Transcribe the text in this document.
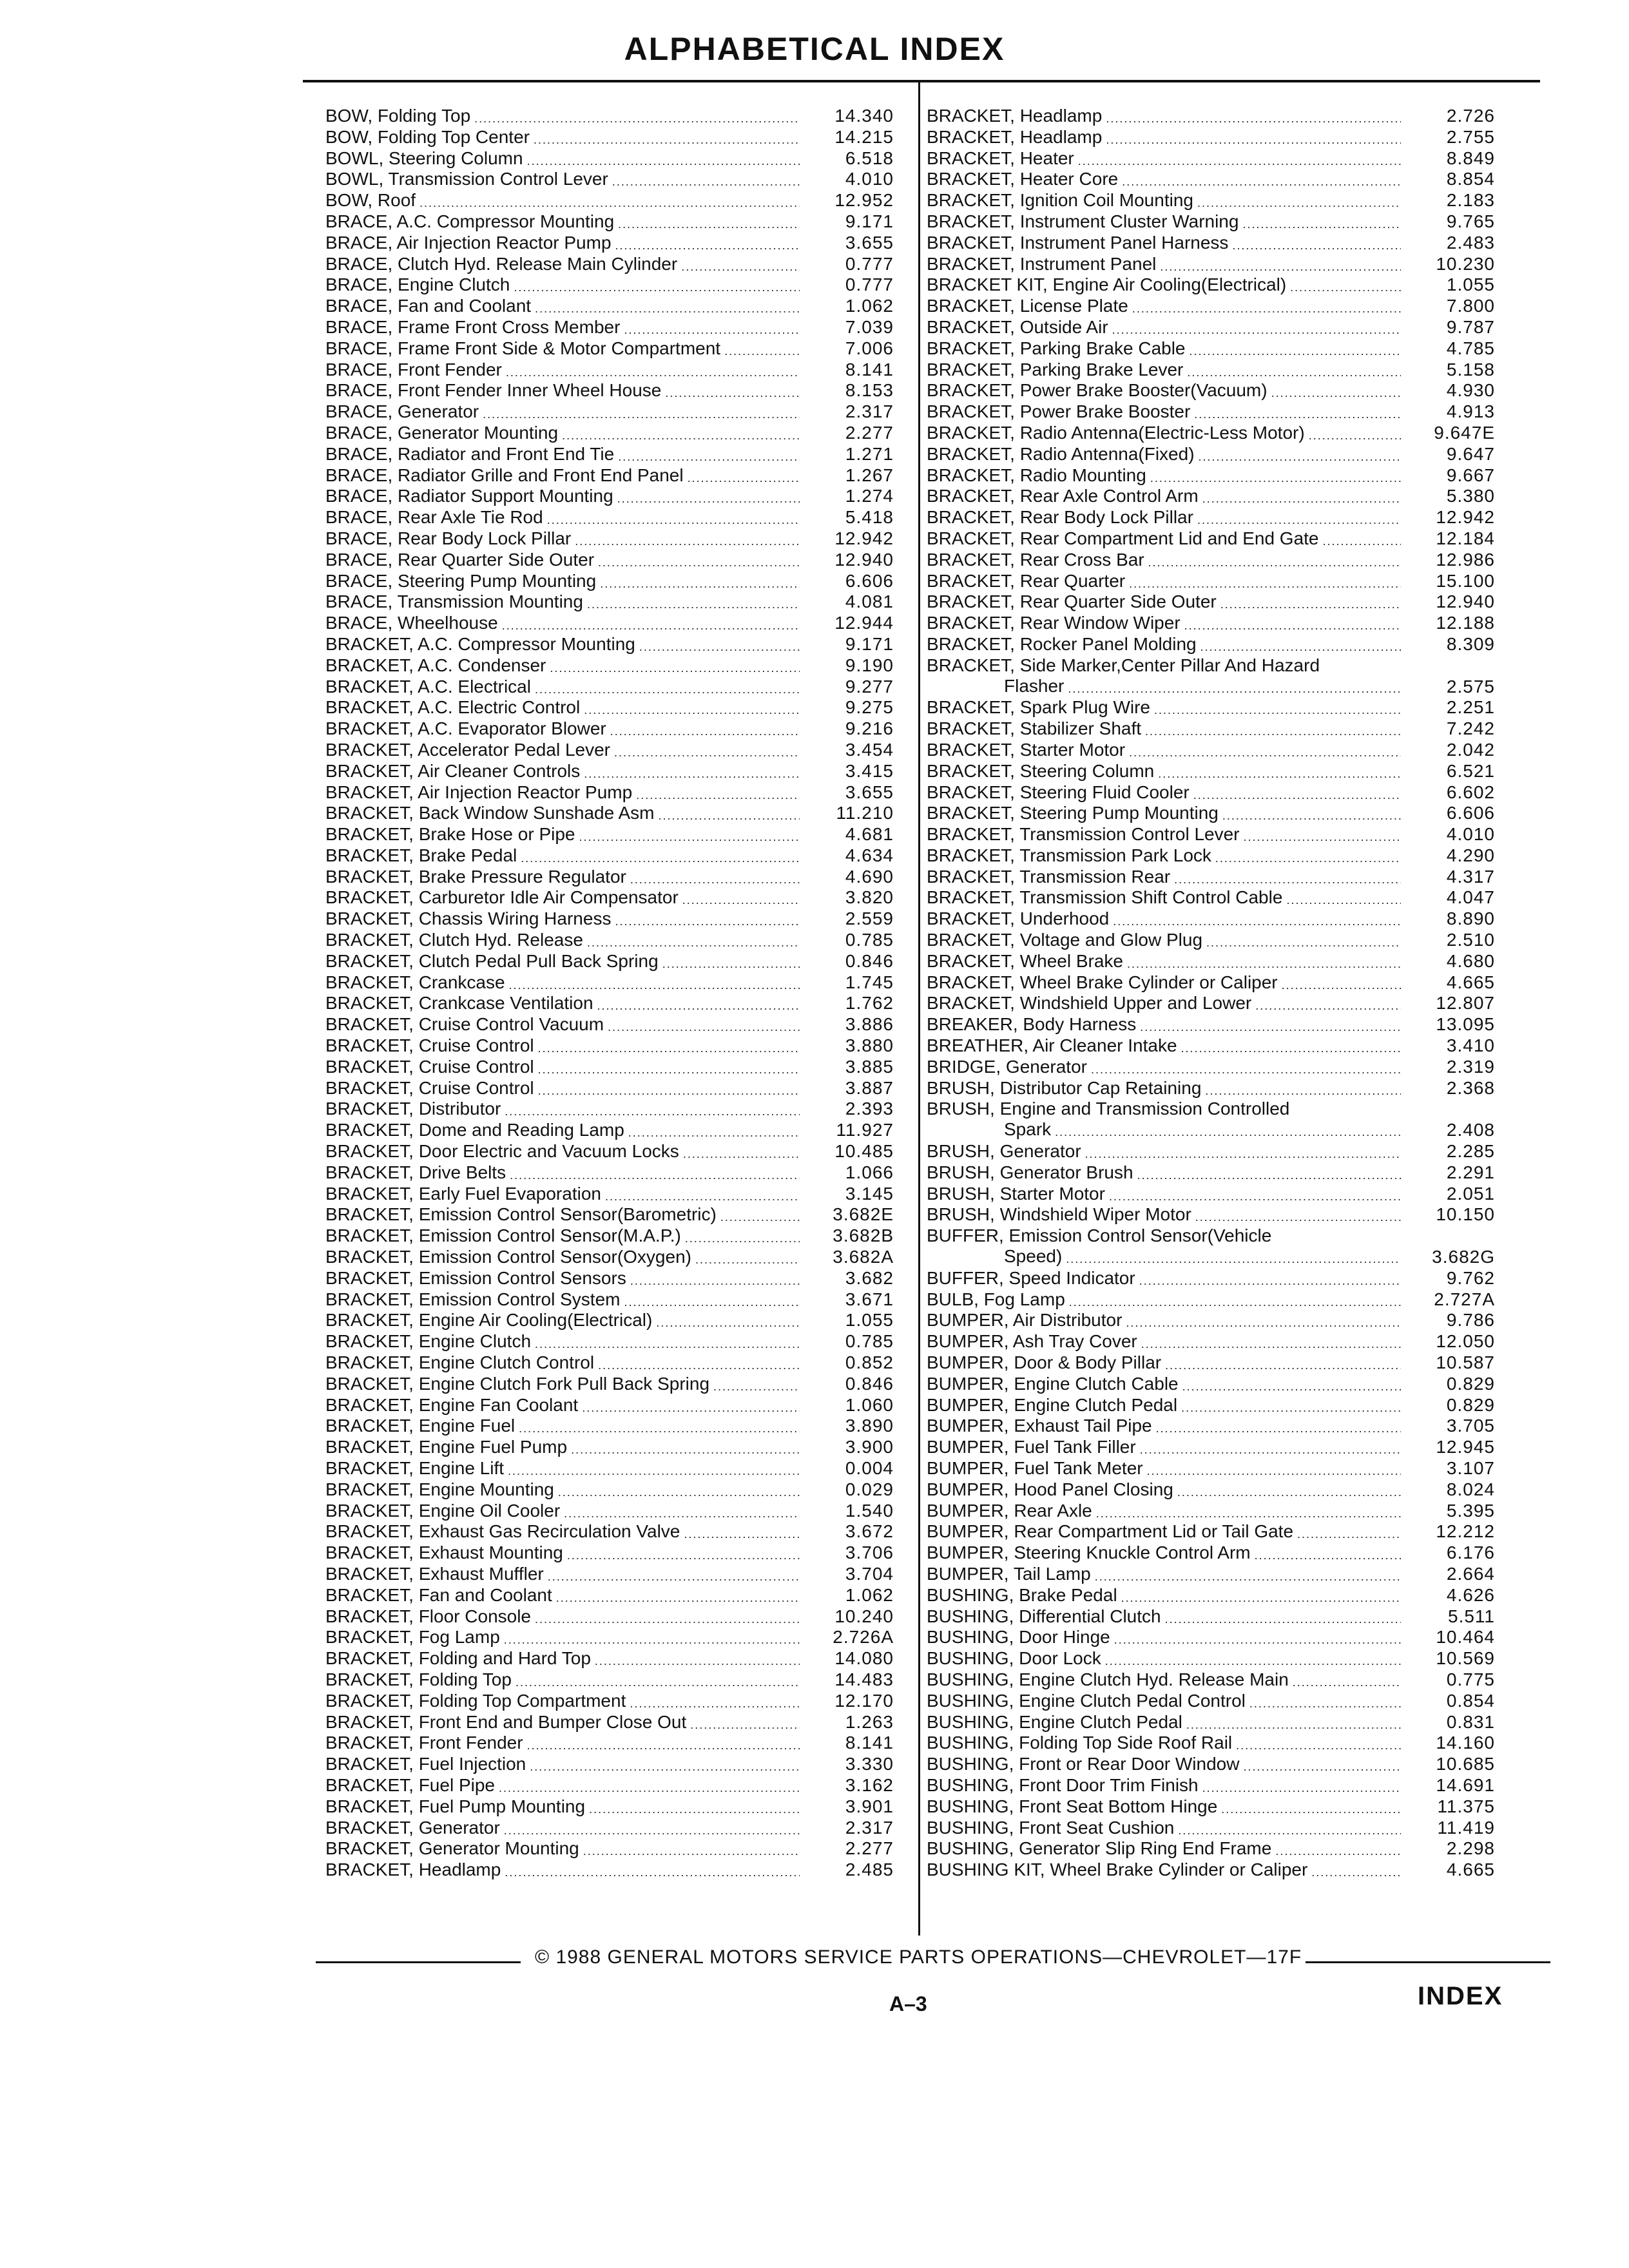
ALPHABETICAL INDEX
BOW, Folding Top .....	14.340
BOW, Folding Top Center .....	14.215
BOWL, Steering Column .....	6.518
BOWL, Transmission Control Lever .....	4.010
BOW, Roof .....	12.952
BRACE, A.C. Compressor Mounting .....	9.171
BRACE, Air Injection Reactor Pump .....	3.655
BRACE, Clutch Hyd. Release Main Cylinder .....	0.777
BRACE, Engine Clutch .....	0.777
BRACE, Fan and Coolant .....	1.062
BRACE, Frame Front Cross Member .....	7.039
BRACE, Frame Front Side & Motor Compartment .....	7.006
BRACE, Front Fender .....	8.141
BRACE, Front Fender Inner Wheel House .....	8.153
BRACE, Generator .....	2.317
BRACE, Generator Mounting .....	2.277
BRACE, Radiator and Front End Tie .....	1.271
BRACE, Radiator Grille and Front End Panel .....	1.267
BRACE, Radiator Support Mounting .....	1.274
BRACE, Rear Axle Tie Rod .....	5.418
BRACE, Rear Body Lock Pillar .....	12.942
BRACE, Rear Quarter Side Outer .....	12.940
BRACE, Steering Pump Mounting .....	6.606
BRACE, Transmission Mounting .....	4.081
BRACE, Wheelhouse .....	12.944
BRACKET, A.C. Compressor Mounting .....	9.171
BRACKET, A.C. Condenser .....	9.190
BRACKET, A.C. Electrical .....	9.277
BRACKET, A.C. Electric Control .....	9.275
BRACKET, A.C. Evaporator Blower .....	9.216
BRACKET, Accelerator Pedal Lever .....	3.454
BRACKET, Air Cleaner Controls .....	3.415
BRACKET, Air Injection Reactor Pump .....	3.655
BRACKET, Back Window Sunshade Asm .....	11.210
BRACKET, Brake Hose or Pipe .....	4.681
BRACKET, Brake Pedal .....	4.634
BRACKET, Brake Pressure Regulator .....	4.690
BRACKET, Carburetor Idle Air Compensator .....	3.820
BRACKET, Chassis Wiring Harness .....	2.559
BRACKET, Clutch Hyd. Release .....	0.785
BRACKET, Clutch Pedal Pull Back Spring .....	0.846
BRACKET, Crankcase .....	1.745
BRACKET, Crankcase Ventilation .....	1.762
BRACKET, Cruise Control Vacuum .....	3.886
BRACKET, Cruise Control .....	3.880
BRACKET, Cruise Control .....	3.885
BRACKET, Cruise Control .....	3.887
BRACKET, Distributor .....	2.393
BRACKET, Dome and Reading Lamp .....	11.927
BRACKET, Door Electric and Vacuum Locks .....	10.485
BRACKET, Drive Belts .....	1.066
BRACKET, Early Fuel Evaporation .....	3.145
BRACKET, Emission Control Sensor(Barometric) .....	3.682E
BRACKET, Emission Control Sensor(M.A.P.) .....	3.682B
BRACKET, Emission Control Sensor(Oxygen) .....	3.682A
BRACKET, Emission Control Sensors .....	3.682
BRACKET, Emission Control System .....	3.671
BRACKET, Engine Air Cooling(Electrical) .....	1.055
BRACKET, Engine Clutch .....	0.785
BRACKET, Engine Clutch Control .....	0.852
BRACKET, Engine Clutch Fork Pull Back Spring .....	0.846
BRACKET, Engine Fan Coolant .....	1.060
BRACKET, Engine Fuel .....	3.890
BRACKET, Engine Fuel Pump .....	3.900
BRACKET, Engine Lift .....	0.004
BRACKET, Engine Mounting .....	0.029
BRACKET, Engine Oil Cooler .....	1.540
BRACKET, Exhaust Gas Recirculation Valve .....	3.672
BRACKET, Exhaust Mounting .....	3.706
BRACKET, Exhaust Muffler .....	3.704
BRACKET, Fan and Coolant .....	1.062
BRACKET, Floor Console .....	10.240
BRACKET, Fog Lamp .....	2.726A
BRACKET, Folding and Hard Top .....	14.080
BRACKET, Folding Top .....	14.483
BRACKET, Folding Top Compartment .....	12.170
BRACKET, Front End and Bumper Close Out .....	1.263
BRACKET, Front Fender .....	8.141
BRACKET, Fuel Injection .....	3.330
BRACKET, Fuel Pipe .....	3.162
BRACKET, Fuel Pump Mounting .....	3.901
BRACKET, Generator .....	2.317
BRACKET, Generator Mounting .....	2.277
BRACKET, Headlamp .....	2.485
BRACKET, Headlamp .....	2.726
BRACKET, Headlamp .....	2.755
BRACKET, Heater .....	8.849
BRACKET, Heater Core .....	8.854
BRACKET, Ignition Coil Mounting .....	2.183
BRACKET, Instrument Cluster Warning .....	9.765
BRACKET, Instrument Panel Harness .....	2.483
BRACKET, Instrument Panel .....	10.230
BRACKET KIT, Engine Air Cooling(Electrical) .....	1.055
BRACKET, License Plate .....	7.800
BRACKET, Outside Air .....	9.787
BRACKET, Parking Brake Cable .....	4.785
BRACKET, Parking Brake Lever .....	5.158
BRACKET, Power Brake Booster(Vacuum) .....	4.930
BRACKET, Power Brake Booster .....	4.913
BRACKET, Radio Antenna(Electric-Less Motor) .....	9.647E
BRACKET, Radio Antenna(Fixed) .....	9.647
BRACKET, Radio Mounting .....	9.667
BRACKET, Rear Axle Control Arm .....	5.380
BRACKET, Rear Body Lock Pillar .....	12.942
BRACKET, Rear Compartment Lid and End Gate .....	12.184
BRACKET, Rear Cross Bar .....	12.986
BRACKET, Rear Quarter .....	15.100
BRACKET, Rear Quarter Side Outer .....	12.940
BRACKET, Rear Window Wiper .....	12.188
BRACKET, Rocker Panel Molding .....	8.309
BRACKET, Side Marker,Center Pillar And Hazard
Flasher .....	2.575
BRACKET, Spark Plug Wire .....	2.251
BRACKET, Stabilizer Shaft .....	7.242
BRACKET, Starter Motor .....	2.042
BRACKET, Steering Column .....	6.521
BRACKET, Steering Fluid Cooler .....	6.602
BRACKET, Steering Pump Mounting .....	6.606
BRACKET, Transmission Control Lever .....	4.010
BRACKET, Transmission Park Lock .....	4.290
BRACKET, Transmission Rear .....	4.317
BRACKET, Transmission Shift Control Cable .....	4.047
BRACKET, Underhood .....	8.890
BRACKET, Voltage and Glow Plug .....	2.510
BRACKET, Wheel Brake .....	4.680
BRACKET, Wheel Brake Cylinder or Caliper .....	4.665
BRACKET, Windshield Upper and Lower .....	12.807
BREAKER, Body Harness .....	13.095
BREATHER, Air Cleaner Intake .....	3.410
BRIDGE, Generator .....	2.319
BRUSH, Distributor Cap Retaining .....	2.368
BRUSH, Engine and Transmission Controlled
Spark .....	2.408
BRUSH, Generator .....	2.285
BRUSH, Generator Brush .....	2.291
BRUSH, Starter Motor .....	2.051
BRUSH, Windshield Wiper Motor .....	10.150
BUFFER, Emission Control Sensor(Vehicle
Speed) .....	3.682G
BUFFER, Speed Indicator .....	9.762
BULB, Fog Lamp .....	2.727A
BUMPER, Air Distributor .....	9.786
BUMPER, Ash Tray Cover .....	12.050
BUMPER, Door & Body Pillar .....	10.587
BUMPER, Engine Clutch Cable .....	0.829
BUMPER, Engine Clutch Pedal .....	0.829
BUMPER, Exhaust Tail Pipe .....	3.705
BUMPER, Fuel Tank Filler .....	12.945
BUMPER, Fuel Tank Meter .....	3.107
BUMPER, Hood Panel Closing .....	8.024
BUMPER, Rear Axle .....	5.395
BUMPER, Rear Compartment Lid or Tail Gate .....	12.212
BUMPER, Steering Knuckle Control Arm .....	6.176
BUMPER, Tail Lamp .....	2.664
BUSHING, Brake Pedal .....	4.626
BUSHING, Differential Clutch .....	5.511
BUSHING, Door Hinge .....	10.464
BUSHING, Door Lock .....	10.569
BUSHING, Engine Clutch Hyd. Release Main .....	0.775
BUSHING, Engine Clutch Pedal Control .....	0.854
BUSHING, Engine Clutch Pedal .....	0.831
BUSHING, Folding Top Side Roof Rail .....	14.160
BUSHING, Front or Rear Door Window .....	10.685
BUSHING, Front Door Trim Finish .....	14.691
BUSHING, Front Seat Bottom Hinge .....	11.375
BUSHING, Front Seat Cushion .....	11.419
BUSHING, Generator Slip Ring End Frame .....	2.298
BUSHING KIT, Wheel Brake Cylinder or Caliper .....	4.665
© 1988 GENERAL MOTORS SERVICE PARTS OPERATIONS—CHEVROLET—17F
A–3	INDEX
